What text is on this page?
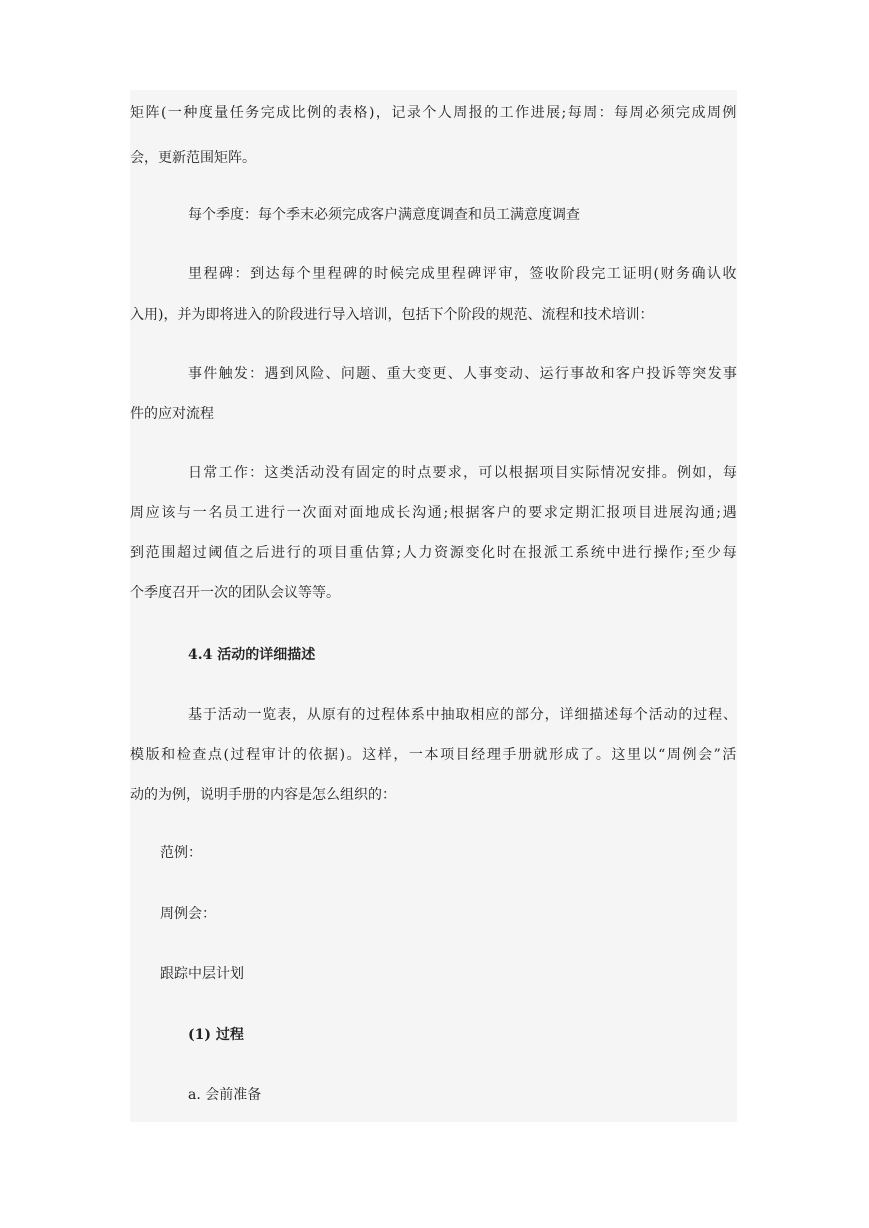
矩 阵 ( 一 种 度 量 任 务 完 成 比 例 的 表 格 ) ， 记 录 个 人 周 报 的 工 作 进 展 ; 每 周 ： 每 周 必 须 完 成 周 例
会，更新范围矩阵。
每个季度：每个季末必须完成客户满意度调查和员工满意度调查
里 程 碑 ： 到 达 每 个 里 程 碑 的 时 候 完 成 里 程 碑 评 审 ， 签 收 阶 段 完 工 证 明 ( 财 务 确 认 收
入用)，并为即将进入的阶段进行导入培训，包括下个阶段的规范、流程和技术培训：
事 件 触 发 ： 遇 到 风 险 、 问 题 、 重 大 变 更 、 人 事 变 动 、 运 行 事 故 和 客 户 投 诉 等 突 发 事
件的应对流程
日 常 工 作 ： 这 类 活 动 没 有 固 定 的 时 点 要 求 ， 可 以 根 据 项 目 实 际 情 况 安 排 。 例 如 ， 每
周 应 该 与 一 名 员 工 进 行 一 次 面 对 面 地 成 长 沟 通 ; 根 据 客 户 的 要 求 定 期 汇 报 项 目 进 展 沟 通 ; 遇
到 范 围 超 过 阈 值 之 后 进 行 的 项 目 重 估 算 ; 人 力 资 源 变 化 时 在 报 派 工 系 统 中 进 行 操 作 ; 至 少 每
个季度召开一次的团队会议等等。
4.4 活动的详细描述
基 于 活 动 一 览 表 ， 从 原 有 的 过 程 体 系 中 抽 取 相 应 的 部 分 ， 详 细 描 述 每 个 活 动 的 过 程 、
模 版 和 检 查 点 ( 过 程 审 计 的 依 据 ) 。 这 样 ， 一 本 项 目 经 理 手 册 就 形 成 了 。 这 里 以 “ 周 例 会 ” 活
动的为例，说明手册的内容是怎么组织的：
范例：
周例会：
跟踪中层计划
(1) 过程
a. 会前准备
